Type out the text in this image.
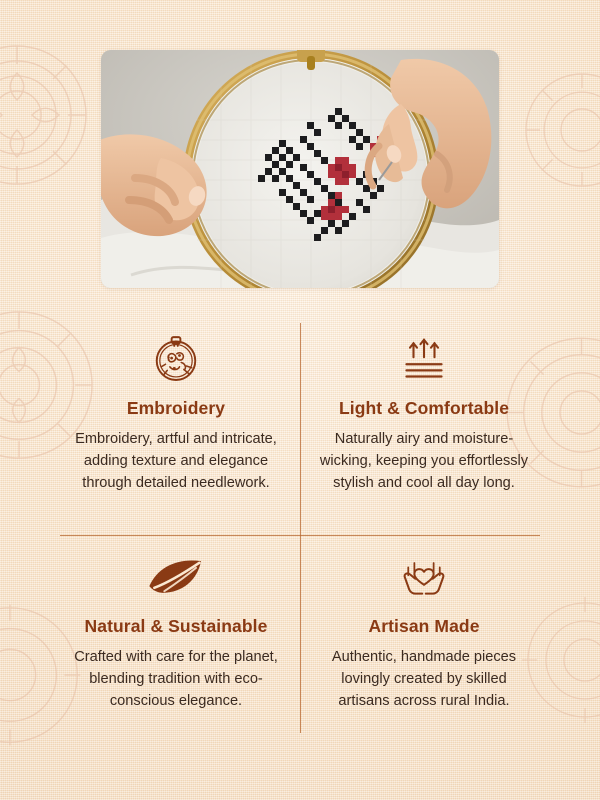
Embroidery
Embroidery, artful and intricate, adding texture and elegance through detailed needlework.
Light & Comfortable
Naturally airy and moisture-wicking, keeping you effortlessly stylish and cool all day long.
Natural & Sustainable
Crafted with care for the planet, blending tradition with eco-conscious elegance.
Artisan Made
Authentic, handmade pieces lovingly created by skilled artisans across rural India.
